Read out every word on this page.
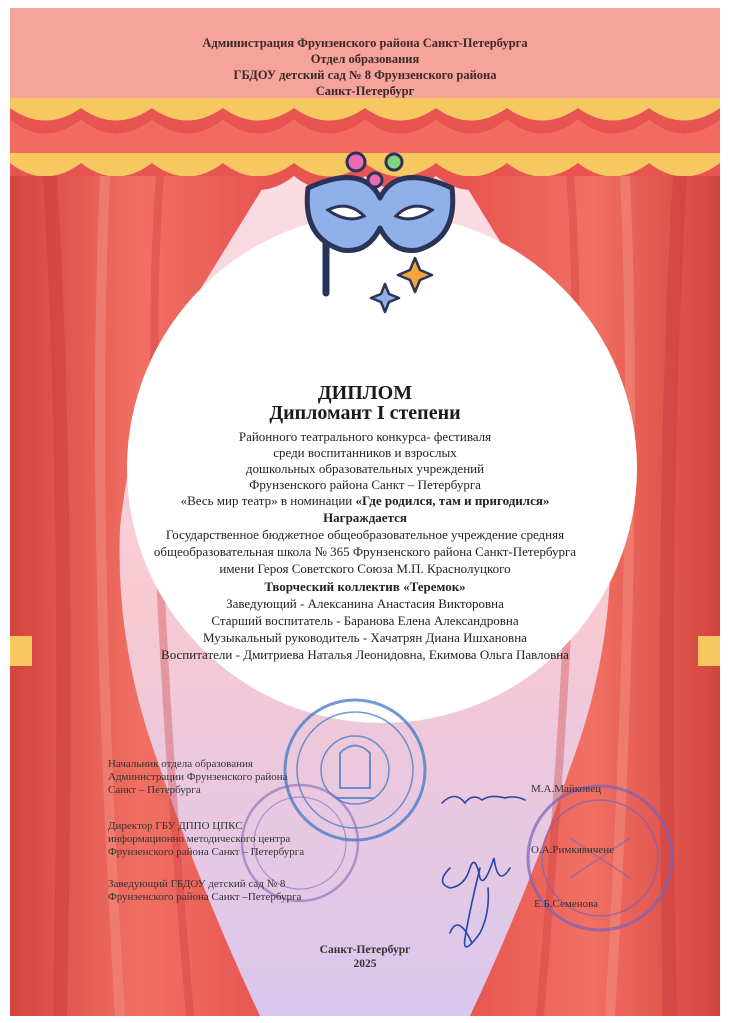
Администрация Фрунзенского района Санкт-Петербурга
Отдел образования
ГБДОУ детский сад № 8 Фрунзенского района
Санкт-Петербург
ДИПЛОМ
Дипломант I степени
Районного театрального конкурса- фестиваля
среди воспитанников и взрослых
дошкольных образовательных учреждений
Фрунзенского района Санкт – Петербурга
«Весь мир театр» в номинации «Где родился, там и пригодился»
Награждается
Государственное бюджетное общеобразовательное учреждение средняя
общеобразовательная школа № 365 Фрунзенского района Санкт-Петербурга
имени Героя Советского Союза М.П. Краснолуцкого
Творческий коллектив «Теремок»
Заведующий - Алексанина Анастасия Викторовна
Старший воспитатель - Баранова Елена Александровна
Музыкальный руководитель - Хачатрян Диана Ишхановна
Воспитатели - Дмитриева Наталья Леонидовна, Екимова Ольга Павловна
Начальник отдела образования
Администрации Фрунзенского района
Санкт – Петербурга	М.А.Майковец
Директор ГБУ ДППО ЦПКС
информационно методического центра
Фрунзенского района Санкт – Петербурга	О.А.Римкявичене
Заведующий ГБДОУ детский сад № 8
Фрунзенского района Санкт –Петербурга
Е.Б.Семенова
Санкт-Петербург
2025
